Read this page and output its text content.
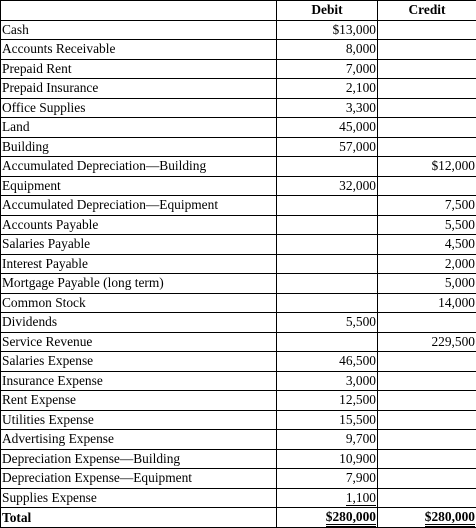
	Debit	Credit
Cash	$13,000	
Accounts Receivable	8,000	
Prepaid Rent	7,000	
Prepaid Insurance	2,100	
Office Supplies	3,300	
Land	45,000	
Building	57,000	
Accumulated Depreciation—Building		$12,000
Equipment	32,000	
Accumulated Depreciation—Equipment		7,500
Accounts Payable		5,500
Salaries Payable		4,500
Interest Payable		2,000
Mortgage Payable (long term)		5,000
Common Stock		14,000
Dividends	5,500	
Service Revenue		229,500
Salaries Expense	46,500	
Insurance Expense	3,000	
Rent Expense	12,500	
Utilities Expense	15,500	
Advertising Expense	9,700	
Depreciation Expense—Building	10,900	
Depreciation Expense—Equipment	7,900	
Supplies Expense	1,100	
Total	$280,000	$280,000
